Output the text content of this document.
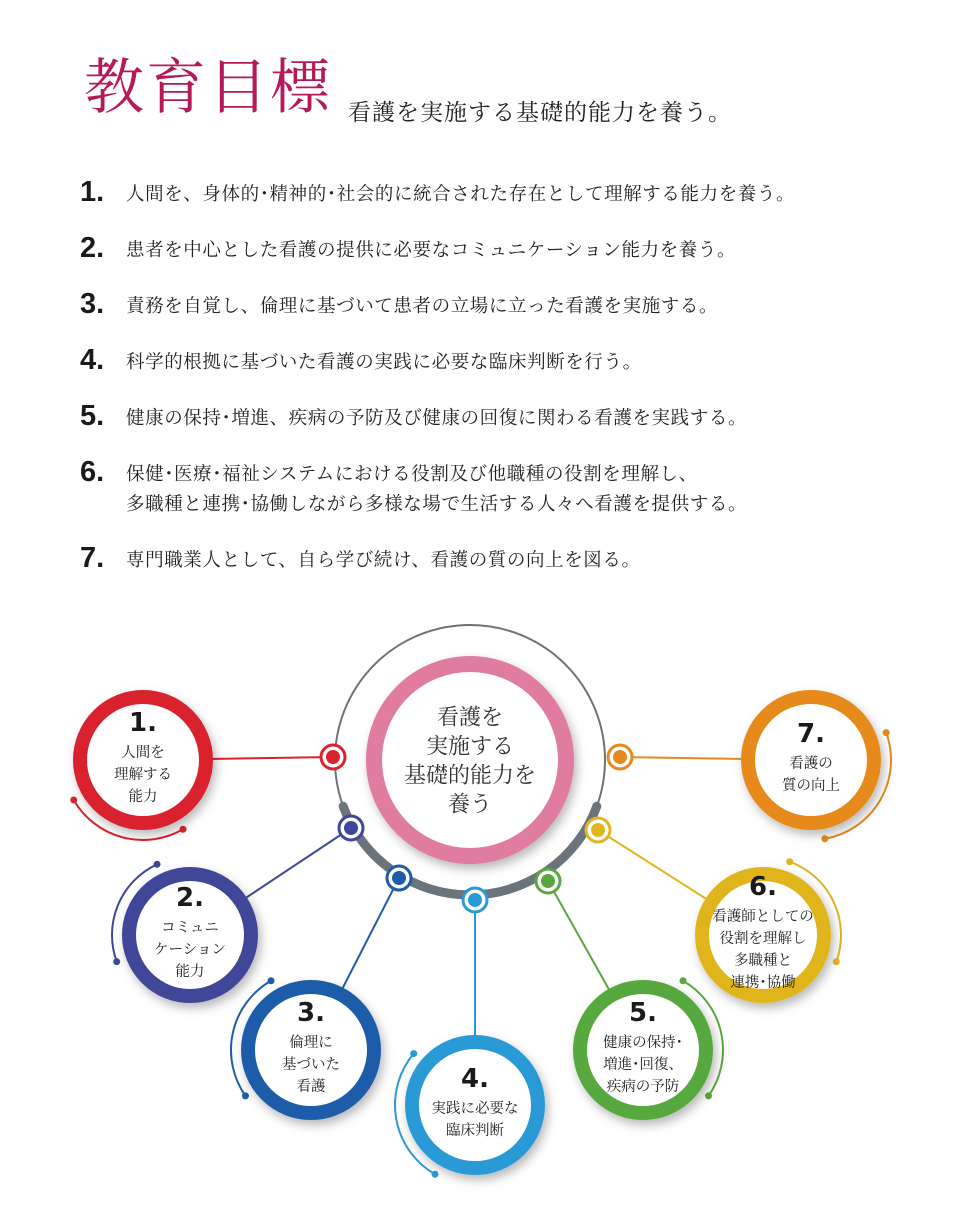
教育目標 看護を実施する基礎的能力を養う。
1. 人間を、身体的･精神的･社会的に統合された存在として理解する能力を養う。
2. 患者を中心とした看護の提供に必要なコミュニケーション能力を養う。
3. 責務を自覚し、倫理に基づいて患者の立場に立った看護を実施する。
4. 科学的根拠に基づいた看護の実践に必要な臨床判断を行う。
5. 健康の保持･増進、疾病の予防及び健康の回復に関わる看護を実践する。
6. 保健･医療･福祉システムにおける役割及び他職種の役割を理解し、
多職種と連携･協働しながら多様な場で生活する人々へ看護を提供する。
7. 専門職業人として、自ら学び続け、看護の質の向上を図る。
1.
人間を
理解する
能力
2.
コミュニ
ケーション
能力
3.
倫理に
基づいた
看護	4.
実践に必要な
臨床判断
5.
健康の保持･
増進･回復、
疾病の予防
6.
看護師としての
役割を理解し
多職種と
連携･協働
7.
看護の
質の向上
看護を
実施する
基礎的能力を
養う
